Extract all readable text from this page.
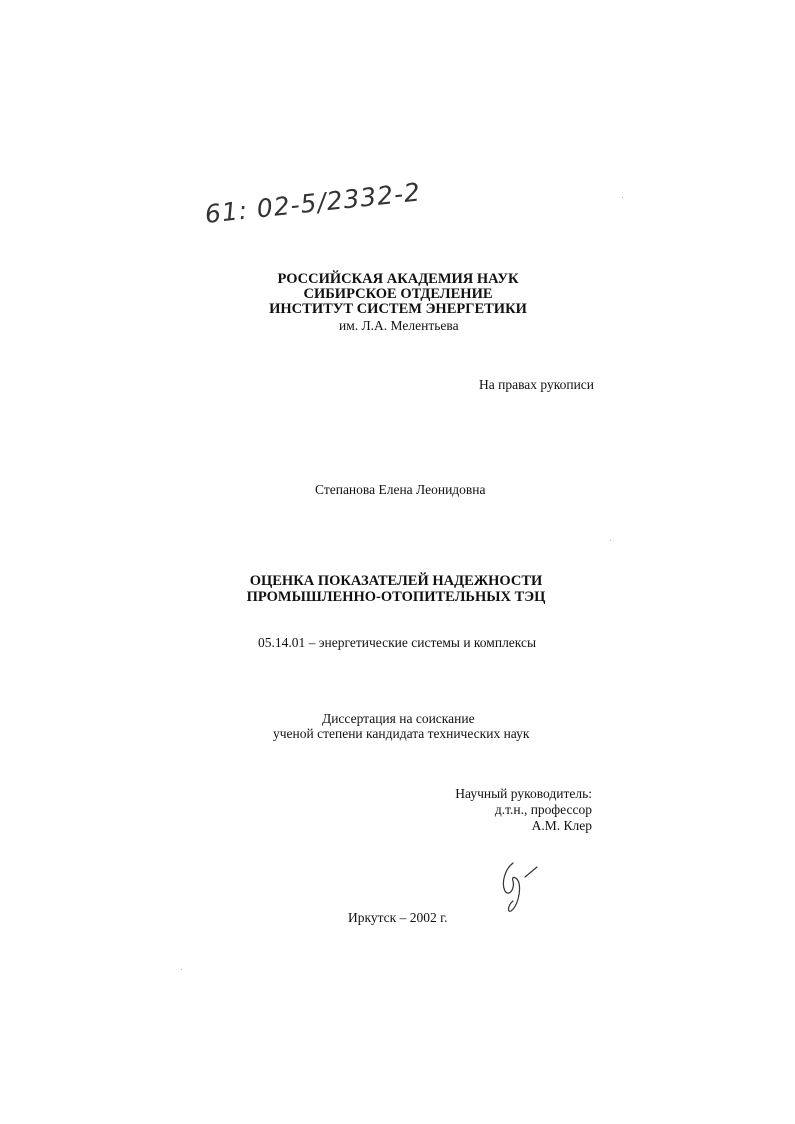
61: 02-5/2332-2
РОССИЙСКАЯ АКАДЕМИЯ НАУК
СИБИРСКОЕ ОТДЕЛЕНИЕ
ИНСТИТУТ СИСТЕМ ЭНЕРГЕТИКИ
им. Л.А. Мелентьева
На правах рукописи
Степанова Елена Леонидовна
ОЦЕНКА ПОКАЗАТЕЛЕЙ НАДЕЖНОСТИ
ПРОМЫШЛЕННО-ОТОПИТЕЛЬНЫХ ТЭЦ
05.14.01 – энергетические системы и комплексы
Диссертация на соискание
ученой степени кандидата технических наук
Научный руководитель:
д.т.н., профессор
А.М. Клер
Иркутск – 2002 г.
